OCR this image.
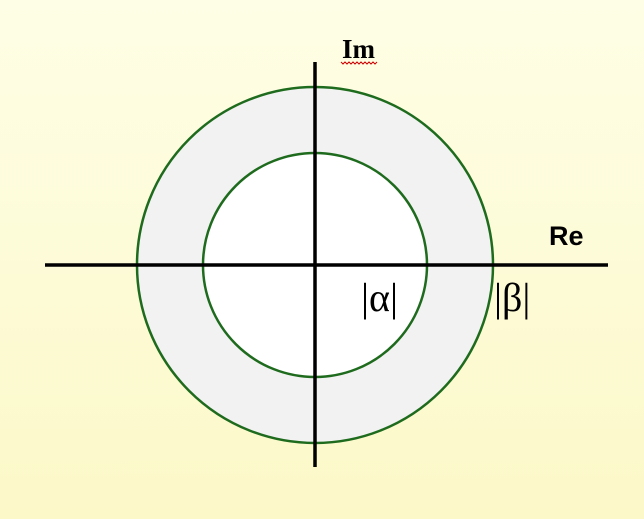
Im
Re
|α| |β|
